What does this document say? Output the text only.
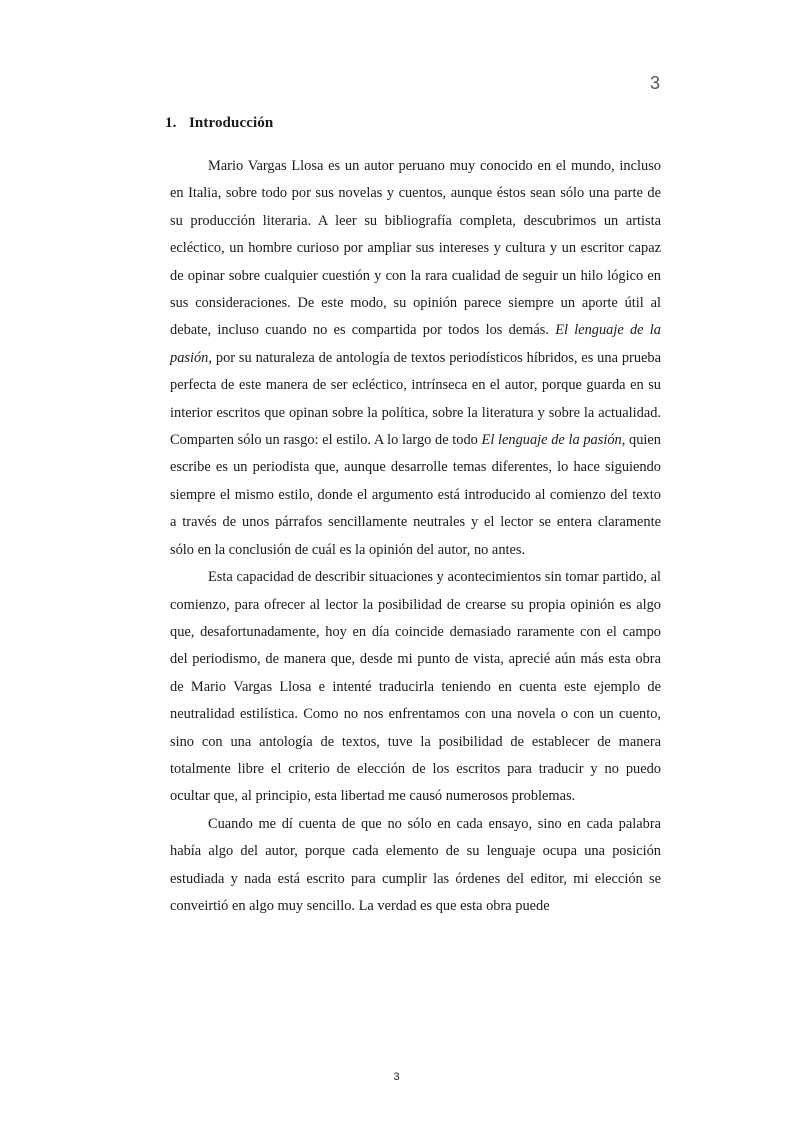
3
1. Introducción

Mario Vargas Llosa es un autor peruano muy conocido en el mundo, incluso en Italia, sobre todo por sus novelas y cuentos, aunque éstos sean sólo una parte de su producción literaria. A leer su bibliografía completa, descubrimos un artista ecléctico, un hombre curioso por ampliar sus intereses y cultura y un escritor capaz de opinar sobre cualquier cuestión y con la rara cualidad de seguir un hilo lógico en sus consideraciones. De este modo, su opinión parece siempre un aporte útil al debate, incluso cuando no es compartida por todos los demás. El lenguaje de la pasión, por su naturaleza de antología de textos periodísticos híbridos, es una prueba perfecta de este manera de ser ecléctico, intrínseca en el autor, porque guarda en su interior escritos que opinan sobre la política, sobre la literatura y sobre la actualidad. Comparten sólo un rasgo: el estilo. A lo largo de todo El lenguaje de la pasión, quien escribe es un periodista que, aunque desarrolle temas diferentes, lo hace siguiendo siempre el mismo estilo, donde el argumento está introducido al comienzo del texto a través de unos párrafos sencillamente neutrales y el lector se entera claramente sólo en la conclusión de cuál es la opinión del autor, no antes.

Esta capacidad de describir situaciones y acontecimientos sin tomar partido, al comienzo, para ofrecer al lector la posibilidad de crearse su propia opinión es algo que, desafortunadamente, hoy en día coincide demasiado raramente con el campo del periodismo, de manera que, desde mi punto de vista, aprecié aún más esta obra de Mario Vargas Llosa e intenté traducirla teniendo en cuenta este ejemplo de neutralidad estilística. Como no nos enfrentamos con una novela o con un cuento, sino con una antología de textos, tuve la posibilidad de establecer de manera totalmente libre el criterio de elección de los escritos para traducir y no puedo ocultar que, al principio, esta libertad me causó numerosos problemas.

Cuando me dí cuenta de que no sólo en cada ensayo, sino en cada palabra había algo del autor, porque cada elemento de su lenguaje ocupa una posición estudiada y nada está escrito para cumplir las órdenes del editor, mi elección se conveirtió en algo muy sencillo. La verdad es que esta obra puede

3
